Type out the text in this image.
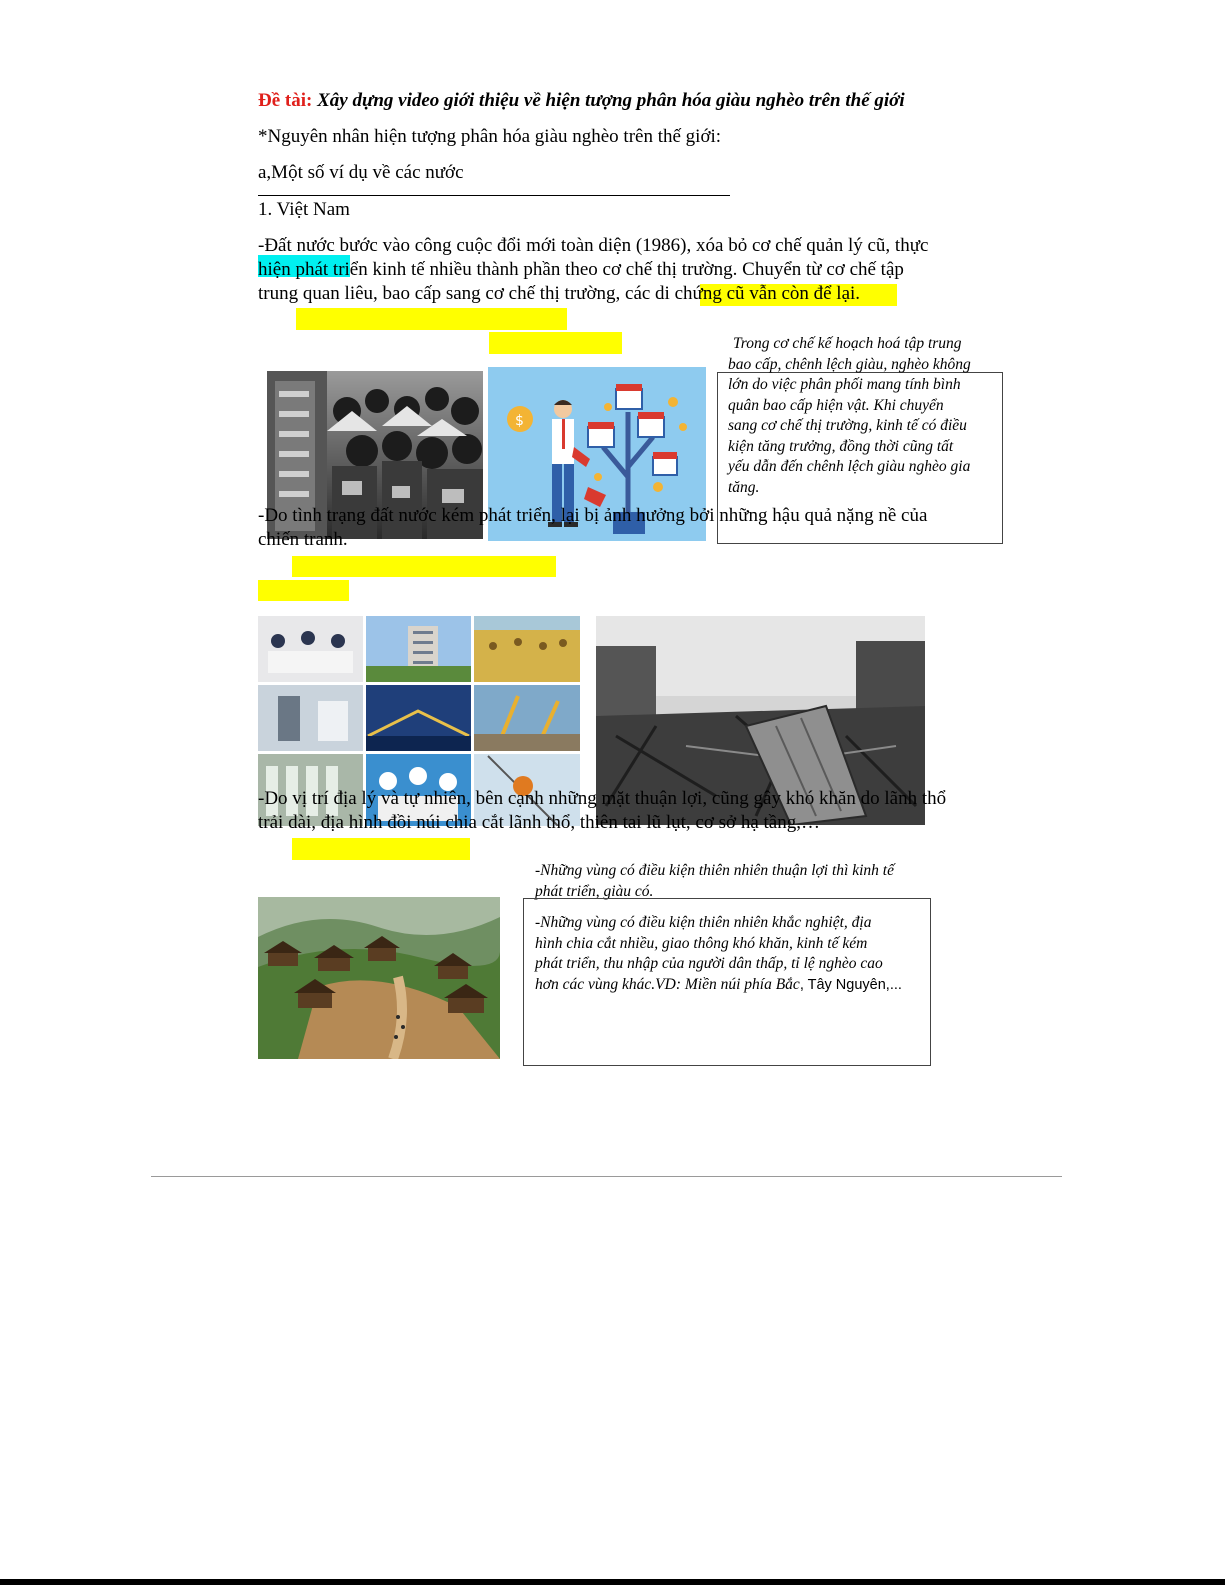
Đề tài: Xây dựng video giới thiệu về hiện tượng phân hóa giàu nghèo trên thế giới
*Nguyên nhân hiện tượng phân hóa giàu nghèo trên thế giới:
a,Một số ví dụ về các nước
1. Việt Nam
-Đất nước bước vào công cuộc đổi mới toàn diện (1986), xóa bỏ cơ chế quản lý cũ, thực
hiện phát triển kinh tế nhiều thành phần theo cơ chế thị trường. Chuyển từ cơ chế tập
trung quan liêu, bao cấp sang cơ chế thị trường, các di chứng cũ vẫn còn để lại.
$
Trong cơ chế kế hoạch hoá tập trung
bao cấp, chênh lệch giàu, nghèo không
lớn do việc phân phối mang tính bình
quân bao cấp hiện vật. Khi chuyển
sang cơ chế thị trường, kinh tế có điều
kiện tăng trưởng, đồng thời cũng tất
yếu dẫn đến chênh lệch giàu nghèo gia
tăng.
-Do tình trạng đất nước kém phát triển, lại bị ảnh hưởng bởi những hậu quả nặng nề của
chiến tranh.
-Do vị trí địa lý và tự nhiên, bên cạnh những mặt thuận lợi, cũng gây khó khăn do lãnh thổ
trải dài, địa hình đồi núi chia cắt lãnh thổ, thiên tai lũ lụt, cơ sở hạ tầng,…
-Những vùng có điều kiện thiên nhiên thuận lợi thì kinh tế
phát triển, giàu có.
-Những vùng có điều kiện thiên nhiên khắc nghiệt, địa
hình chia cắt nhiều, giao thông khó khăn, kinh tế kém
phát triển, thu nhập của người dân thấp, tỉ lệ nghèo cao
hơn các vùng khác.VD: Miền núi phía Bắc, Tây Nguyên,...
